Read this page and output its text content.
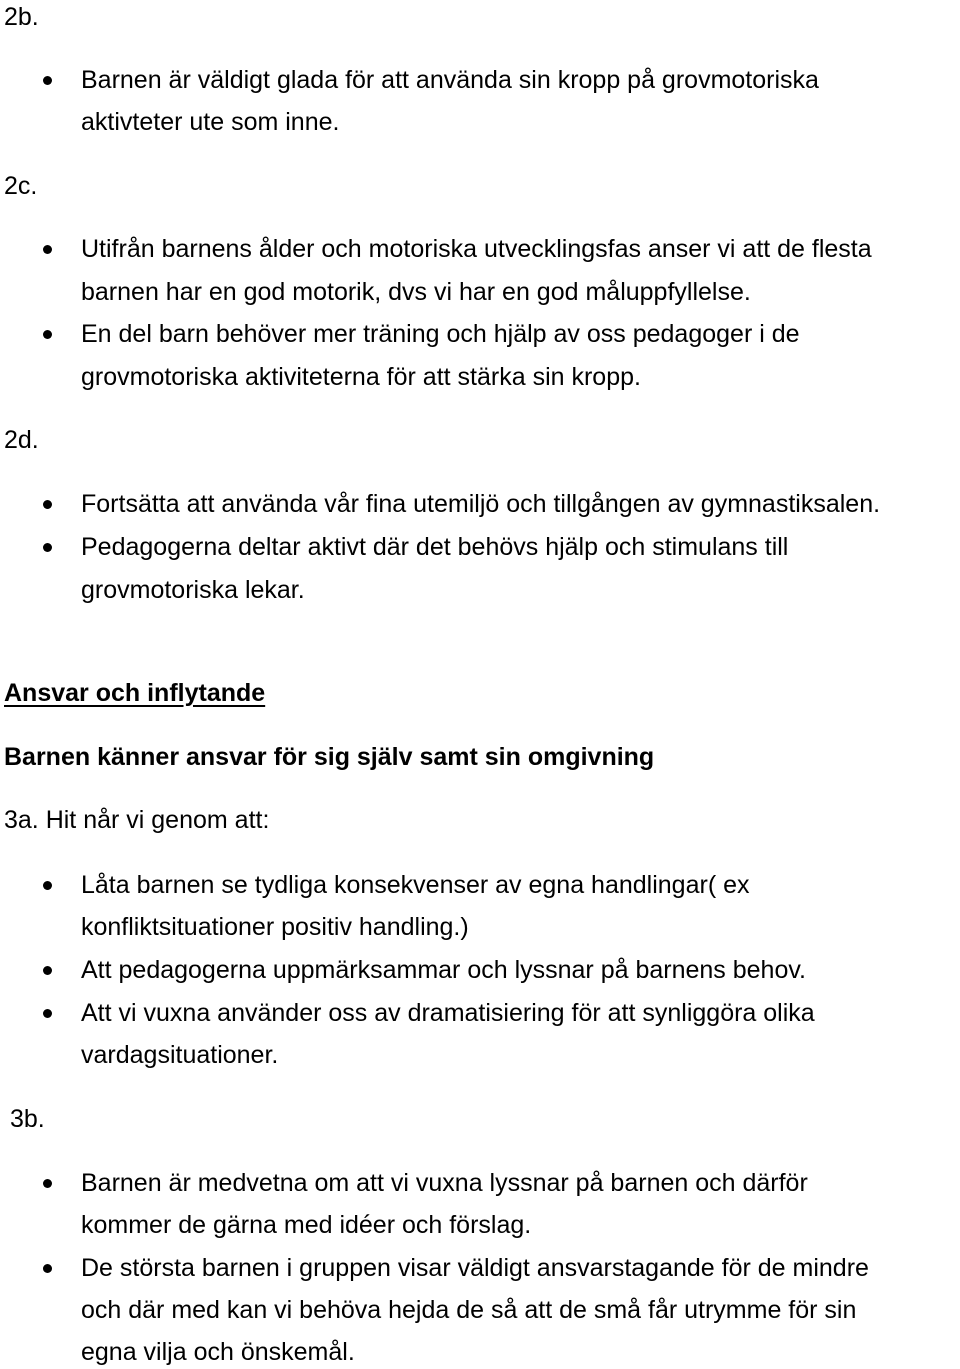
2b.
Barnen är väldigt glada för att använda sin kropp på grovmotoriska
aktivteter ute som inne.
2c.
Utifrån barnens ålder och motoriska utvecklingsfas anser vi att de flesta
barnen har en god motorik, dvs vi har en god måluppfyllelse.
En del barn behöver mer träning och hjälp av oss pedagoger i de
grovmotoriska aktiviteterna för att stärka sin kropp.
2d.
Fortsätta att använda vår fina utemiljö och tillgången av gymnastiksalen.
Pedagogerna deltar aktivt där det behövs hjälp och stimulans till
grovmotoriska lekar.
Ansvar och inflytande
Barnen känner ansvar för sig själv samt sin omgivning
3a. Hit når vi genom att:
Låta barnen se tydliga konsekvenser av egna handlingar( ex
konfliktsituationer positiv handling.)
Att pedagogerna uppmärksammar och lyssnar på barnens behov.
Att vi vuxna använder oss av dramatisiering för att synliggöra olika
vardagsituationer.
3b.
Barnen är medvetna om att vi vuxna lyssnar på barnen och därför
kommer de gärna med idéer och förslag.
De största barnen i gruppen visar väldigt ansvarstagande för de mindre
och där med kan vi behöva hejda de så att de små får utrymme för sin
egna vilja och önskemål.
